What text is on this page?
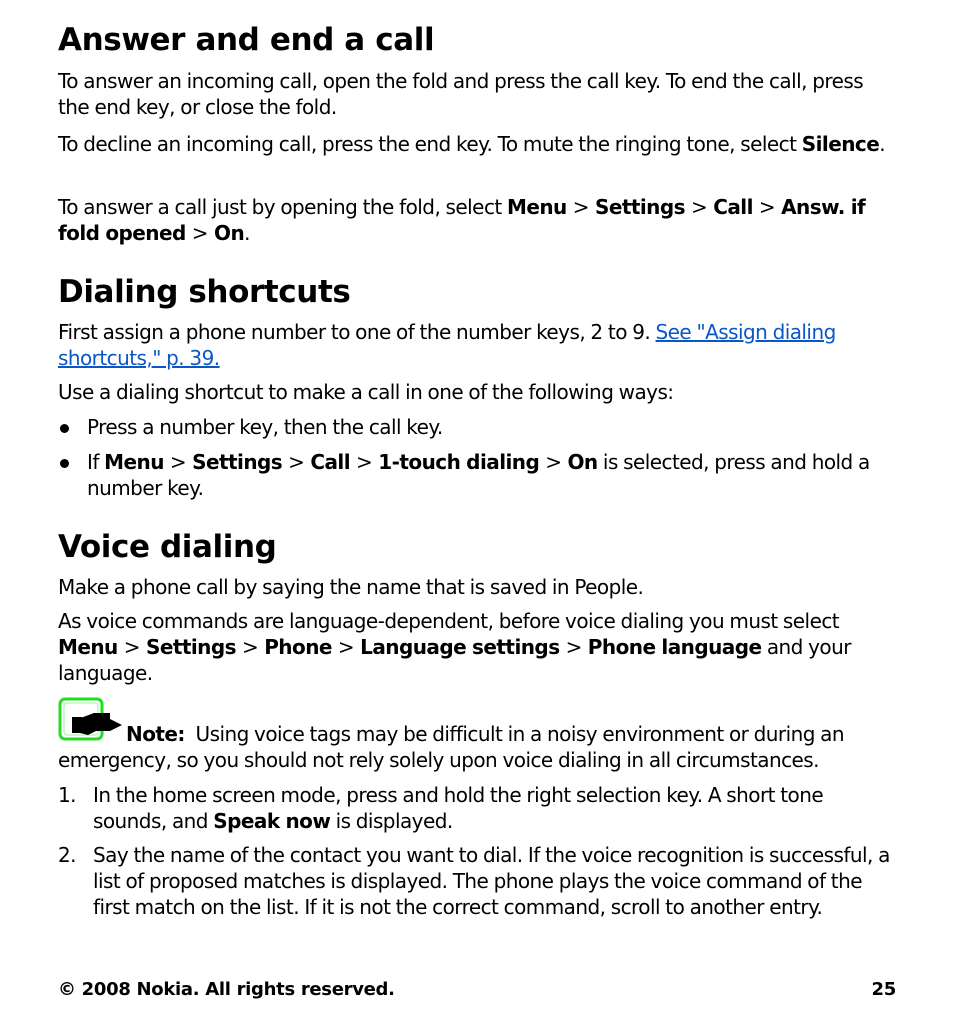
Answer and end a call

To answer an incoming call, open the fold and press the call key. To end the call, press the end key, or close the fold.

To decline an incoming call, press the end key. To mute the ringing tone, select Silence.

To answer a call just by opening the fold, select Menu > Settings > Call > Answ. if fold opened > On.

Dialing shortcuts

First assign a phone number to one of the number keys, 2 to 9. See "Assign dialing shortcuts," p. 39.

Use a dialing shortcut to make a call in one of the following ways:

Press a number key, then the call key.

If Menu > Settings > Call > 1-touch dialing > On is selected, press and hold a number key.

Voice dialing

Make a phone call by saying the name that is saved in People.

As voice commands are language-dependent, before voice dialing you must select Menu > Settings > Phone > Language settings > Phone language and your language.

Note: Using voice tags may be difficult in a noisy environment or during an emergency, so you should not rely solely upon voice dialing in all circumstances.

1. In the home screen mode, press and hold the right selection key. A short tone sounds, and Speak now is displayed.

2. Say the name of the contact you want to dial. If the voice recognition is successful, a list of proposed matches is displayed. The phone plays the voice command of the first match on the list. If it is not the correct command, scroll to another entry.

© 2008 Nokia. All rights reserved.	25
